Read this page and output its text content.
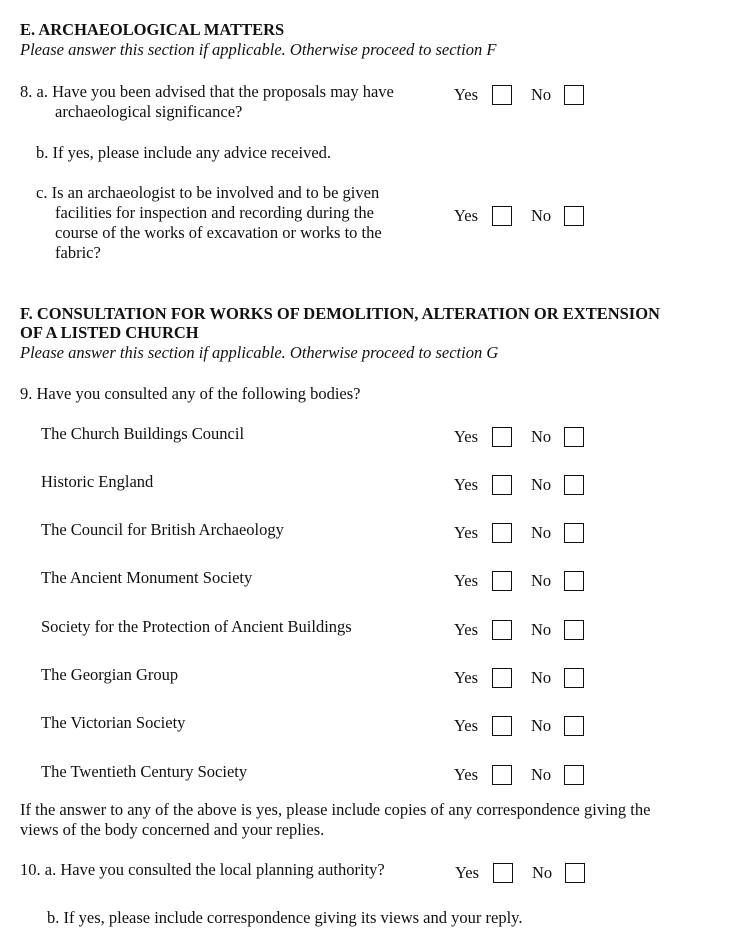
E. ARCHAEOLOGICAL MATTERS
Please answer this section if applicable. Otherwise proceed to section F
8. a. Have you been advised that the proposals may have
archaeological significance?
Yes	No
b. If yes, please include any advice received.
c. Is an archaeologist to be involved and to be given
facilities for inspection and recording during the
course of the works of excavation or works to the
fabric?
Yes	No
F. CONSULTATION FOR WORKS OF DEMOLITION, ALTERATION OR EXTENSION
OF A LISTED CHURCH
Please answer this section if applicable. Otherwise proceed to section G
9. Have you consulted any of the following bodies?
The Church Buildings Council	Yes	No
Historic England	Yes	No
The Council for British Archaeology	Yes	No
The Ancient Monument Society	Yes	No
Society for the Protection of Ancient Buildings	Yes	No
The Georgian Group	Yes	No
The Victorian Society	Yes	No
The Twentieth Century Society	Yes	No
If the answer to any of the above is yes, please include copies of any correspondence giving the
views of the body concerned and your replies.
10. a. Have you consulted the local planning authority?	Yes	No
b. If yes, please include correspondence giving its views and your reply.
